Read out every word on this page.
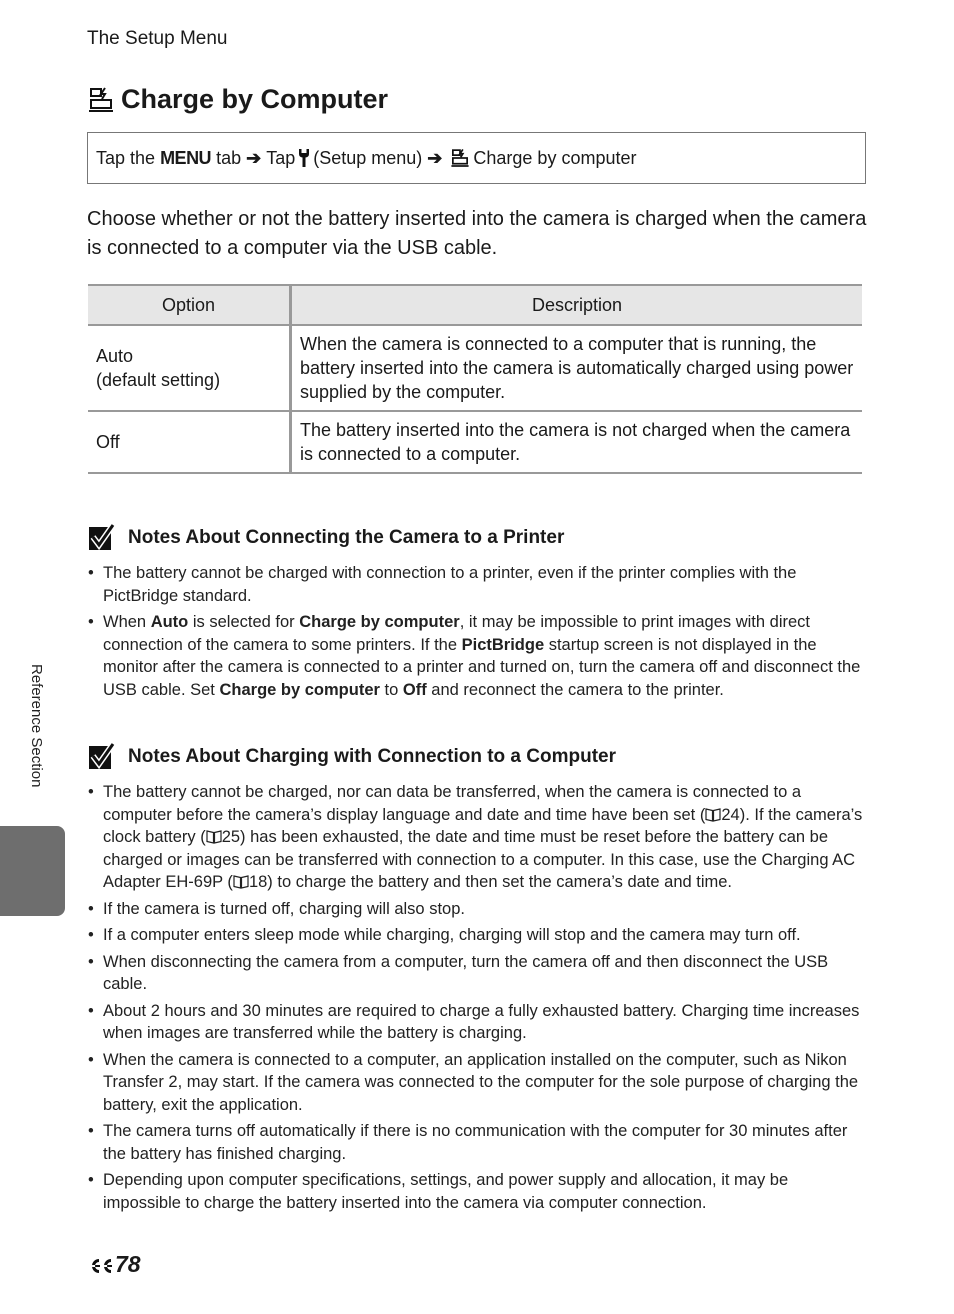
The Setup Menu
Charge by Computer
Tap the
MENU
tab ➔ Tap (Setup menu) ➔ Charge by computer
Choose whether or not the battery inserted into the camera is charged when the camera is connected to a computer via the USB cable.
Option	Description

Auto
(default setting)	When the camera is connected to a computer that is running, the battery inserted into the camera is automatically charged using power supplied by the computer.

Off	The battery inserted into the camera is not charged when the camera is connected to a computer.
Notes About Connecting the Camera to a Printer
• The battery cannot be charged with connection to a printer, even if the printer complies with the PictBridge standard.
• When Auto is selected for Charge by computer, it may be impossible to print images with direct connection of the camera to some printers. If the PictBridge startup screen is not displayed in the monitor after the camera is connected to a printer and turned on, turn the camera off and disconnect the USB cable. Set Charge by computer to Off and reconnect the camera to the printer.
Notes About Charging with Connection to a Computer
• The battery cannot be charged, nor can data be transferred, when the camera is connected to a computer before the camera’s display language and date and time have been set ( 24). If the camera’s clock battery ( 25) has been exhausted, the date and time must be reset before the battery can be charged or images can be transferred with connection to a computer. In this case, use the Charging AC Adapter EH-69P ( 18) to charge the battery and then set the camera’s date and time.
• If the camera is turned off, charging will also stop.
• If a computer enters sleep mode while charging, charging will stop and the camera may turn off.
• When disconnecting the camera from a computer, turn the camera off and then disconnect the USB cable.
• About 2 hours and 30 minutes are required to charge a fully exhausted battery. Charging time increases when images are transferred while the battery is charging.
• When the camera is connected to a computer, an application installed on the computer, such as Nikon Transfer 2, may start. If the camera was connected to the computer for the sole purpose of charging the battery, exit the application.
• The camera turns off automatically if there is no communication with the computer for 30 minutes after the battery has finished charging.
• Depending upon computer specifications, settings, and power supply and allocation, it may be impossible to charge the battery inserted into the camera via computer connection.
Reference Section
78
